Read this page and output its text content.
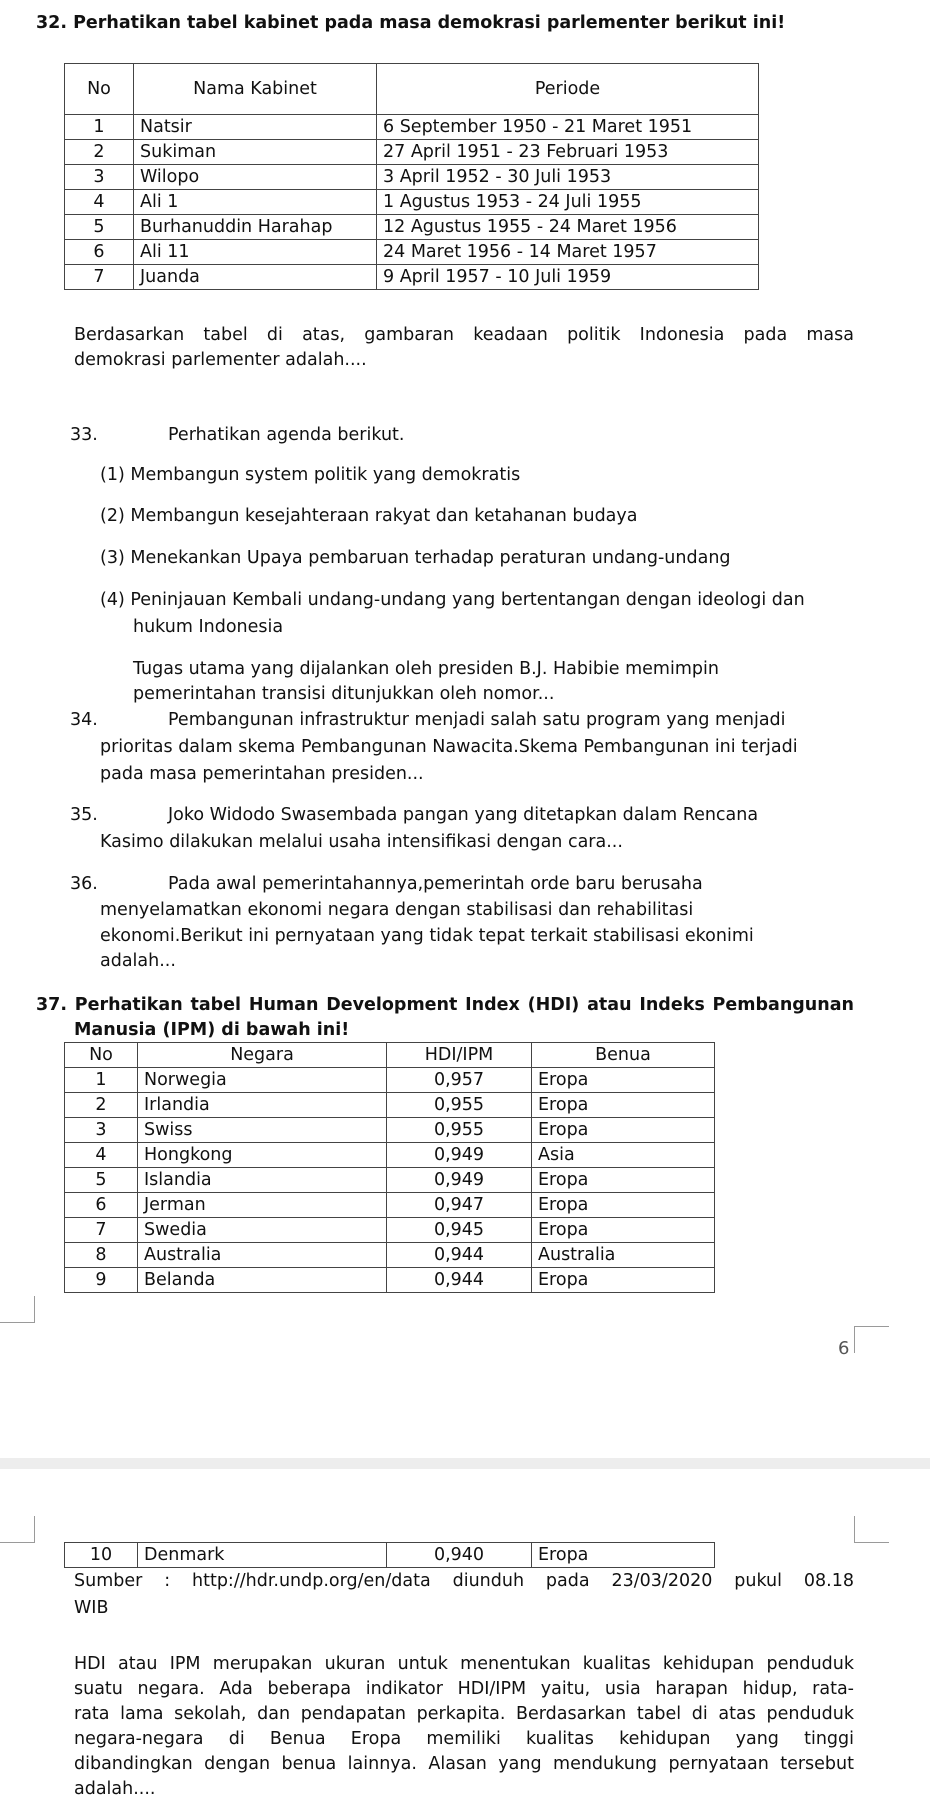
32. Perhatikan tabel kabinet pada masa demokrasi parlementer berikut ini!
No	Nama Kabinet	Periode
1	Natsir	6 September 1950 - 21 Maret 1951
2	Sukiman	27 April 1951 - 23 Februari 1953
3	Wilopo	3 April 1952 - 30 Juli 1953
4	Ali 1	1 Agustus 1953 - 24 Juli 1955
5	Burhanuddin Harahap	12 Agustus 1955 - 24 Maret 1956
6	Ali 11	24 Maret 1956 - 14 Maret 1957
7	Juanda	9 April 1957 - 10 Juli 1959
Berdasarkan tabel di atas, gambaran keadaan politik Indonesia pada masa
demokrasi parlementer adalah....
33.	Perhatikan agenda berikut.
(1) Membangun system politik yang demokratis
(2) Membangun kesejahteraan rakyat dan ketahanan budaya
(3) Menekankan Upaya pembaruan terhadap peraturan undang-undang
(4) Peninjauan Kembali undang-undang yang bertentangan dengan ideologi dan
hukum Indonesia
Tugas utama yang dijalankan oleh presiden B.J. Habibie memimpin
pemerintahan transisi ditunjukkan oleh nomor...
34.	Pembangunan infrastruktur menjadi salah satu program yang menjadi
prioritas dalam skema Pembangunan Nawacita.Skema Pembangunan ini terjadi
pada masa pemerintahan presiden...
35.	Joko Widodo Swasembada pangan yang ditetapkan dalam Rencana
Kasimo dilakukan melalui usaha intensifikasi dengan cara...
36.	Pada awal pemerintahannya,pemerintah orde baru berusaha
menyelamatkan ekonomi negara dengan stabilisasi dan rehabilitasi
ekonomi.Berikut ini pernyataan yang tidak tepat terkait stabilisasi ekonimi
adalah...
37. Perhatikan tabel Human Development Index (HDI) atau Indeks Pembangunan
Manusia (IPM) di bawah ini!
No	Negara	HDI/IPM	Benua
1	Norwegia	0,957	Eropa
2	Irlandia	0,955	Eropa
3	Swiss	0,955	Eropa
4	Hongkong	0,949	Asia
5	Islandia	0,949	Eropa
6	Jerman	0,947	Eropa
7	Swedia	0,945	Eropa
8	Australia	0,944	Australia
9	Belanda	0,944	Eropa
6
10	Denmark	0,940	Eropa
Sumber : http://hdr.undp.org/en/data diunduh pada 23/03/2020 pukul 08.18
WIB
HDI atau IPM merupakan ukuran untuk menentukan kualitas kehidupan penduduk
suatu negara. Ada beberapa indikator HDI/IPM yaitu, usia harapan hidup, rata-
rata lama sekolah, dan pendapatan perkapita. Berdasarkan tabel di atas penduduk
negara-negara di Benua Eropa memiliki kualitas kehidupan yang tinggi
dibandingkan dengan benua lainnya. Alasan yang mendukung pernyataan tersebut
adalah....
